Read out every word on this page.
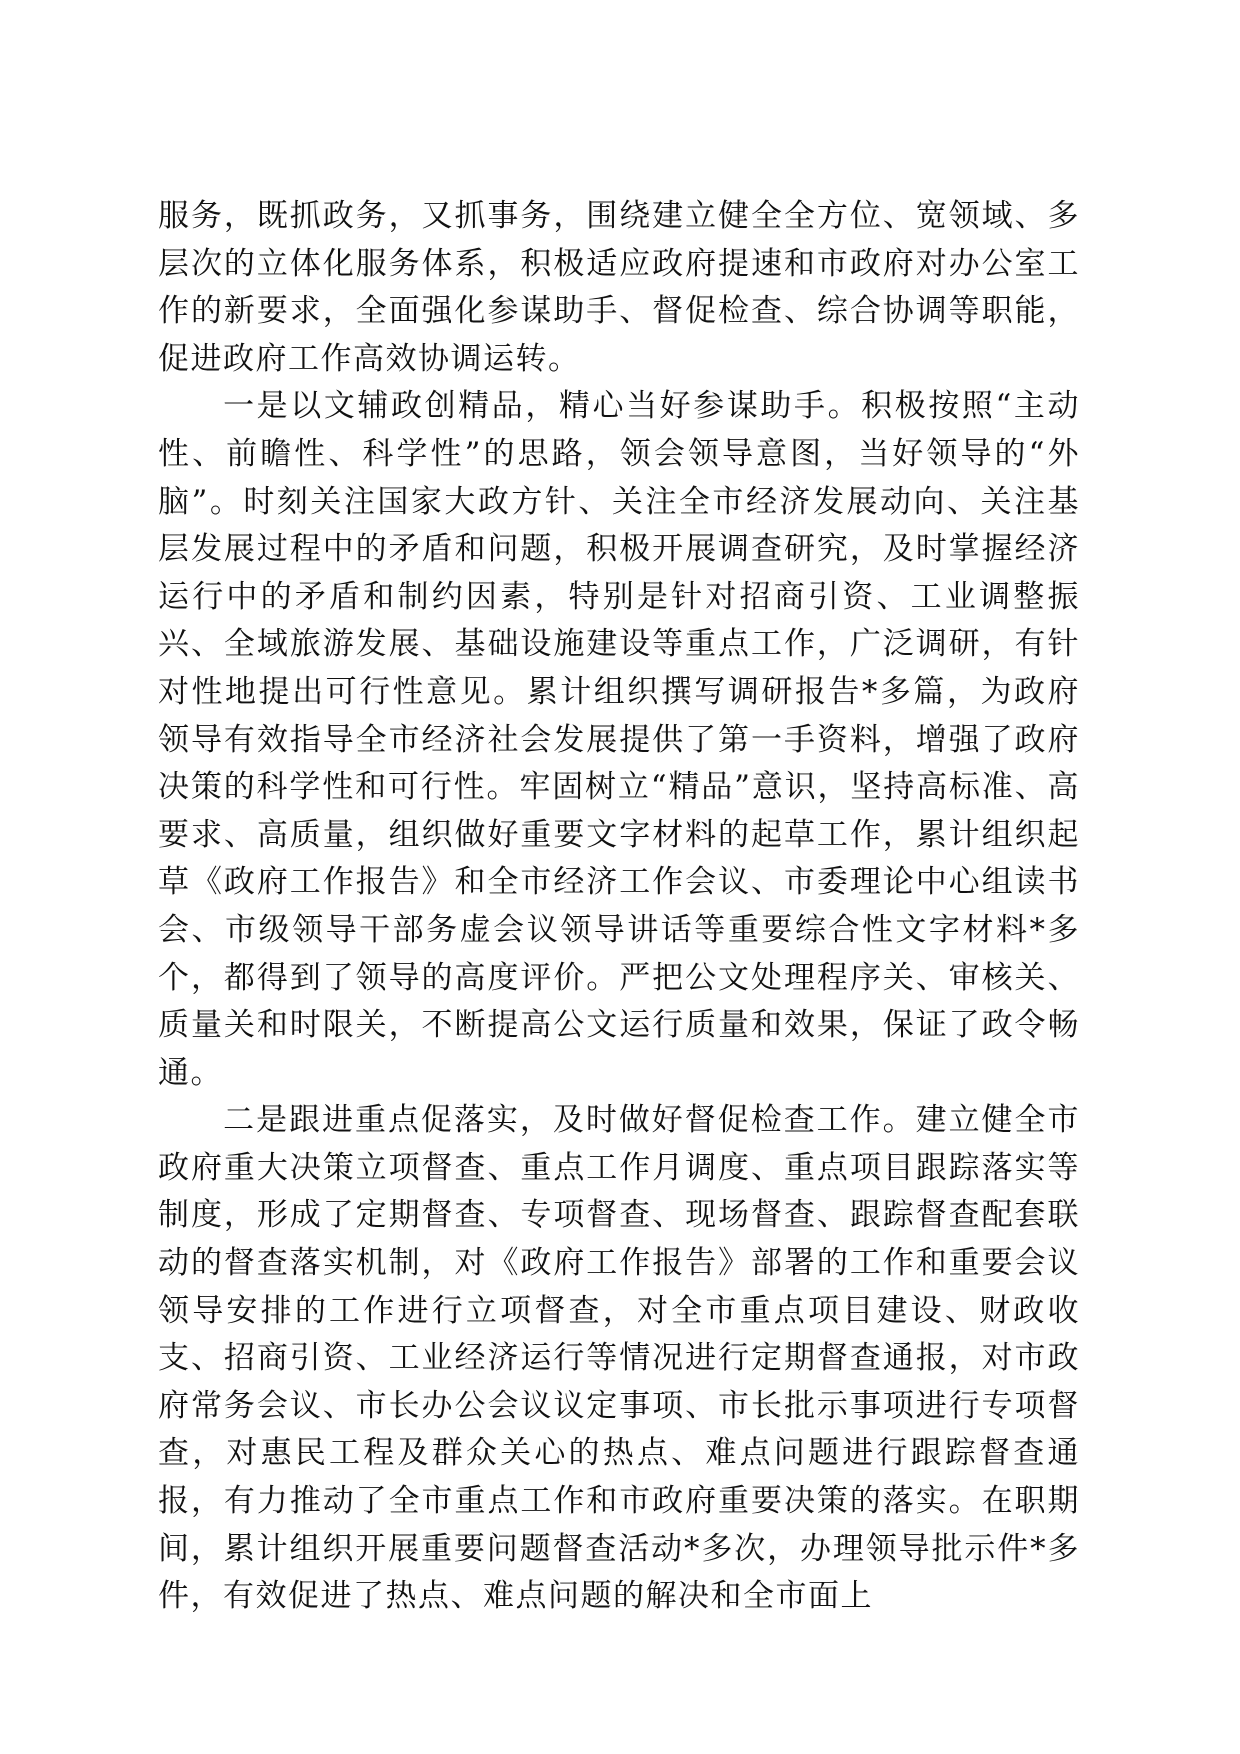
服务，既抓政务，又抓事务，围绕建立健全全方位、宽领域、多层次的立体化服务体系，积极适应政府提速和市政府对办公室工作的新要求，全面强化参谋助手、督促检查、综合协调等职能，促进政府工作高效协调运转。

一是以文辅政创精品，精心当好参谋助手。积极按照“主动性、前瞻性、科学性”的思路，领会领导意图，当好领导的“外脑”。时刻关注国家大政方针、关注全市经济发展动向、关注基层发展过程中的矛盾和问题，积极开展调查研究，及时掌握经济运行中的矛盾和制约因素，特别是针对招商引资、工业调整振兴、全域旅游发展、基础设施建设等重点工作，广泛调研，有针对性地提出可行性意见。累计组织撰写调研报告*多篇，为政府领导有效指导全市经济社会发展提供了第一手资料，增强了政府决策的科学性和可行性。牢固树立“精品”意识，坚持高标准、高要求、高质量，组织做好重要文字材料的起草工作，累计组织起草《政府工作报告》和全市经济工作会议、市委理论中心组读书会、市级领导干部务虚会议领导讲话等重要综合性文字材料*多个，都得到了领导的高度评价。严把公文处理程序关、审核关、质量关和时限关，不断提高公文运行质量和效果，保证了政令畅通。

二是跟进重点促落实，及时做好督促检查工作。建立健全市政府重大决策立项督查、重点工作月调度、重点项目跟踪落实等制度，形成了定期督查、专项督查、现场督查、跟踪督查配套联动的督查落实机制，对《政府工作报告》部署的工作和重要会议领导安排的工作进行立项督查，对全市重点项目建设、财政收支、招商引资、工业经济运行等情况进行定期督查通报，对市政府常务会议、市长办公会议议定事项、市长批示事项进行专项督查，对惠民工程及群众关心的热点、难点问题进行跟踪督查通报，有力推动了全市重点工作和市政府重要决策的落实。在职期间，累计组织开展重要问题督查活动*多次，办理领导批示件*多件，有效促进了热点、难点问题的解决和全市面上
